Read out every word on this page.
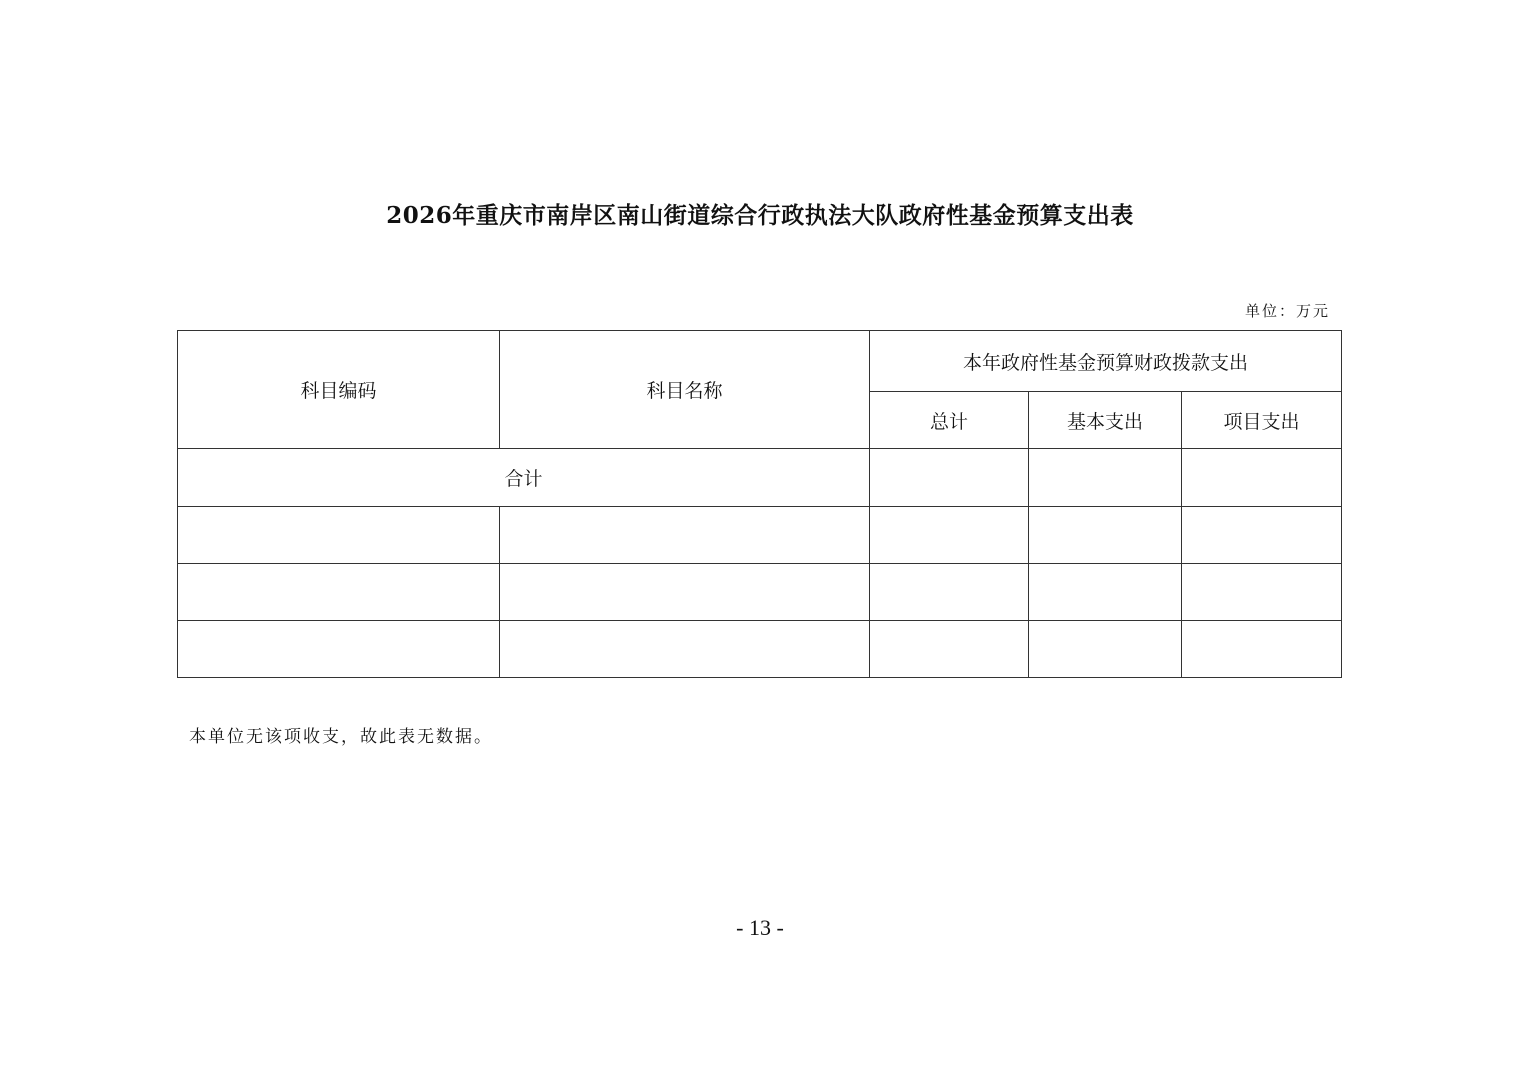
2026年重庆市南岸区南山街道综合行政执法大队政府性基金预算支出表
单位：万元
科目编码	科目名称	本年政府性基金预算财政拨款支出		
		总计	基本支出	项目支出
合计				

本单位无该项收支，故此表无数据。
- 13 -
